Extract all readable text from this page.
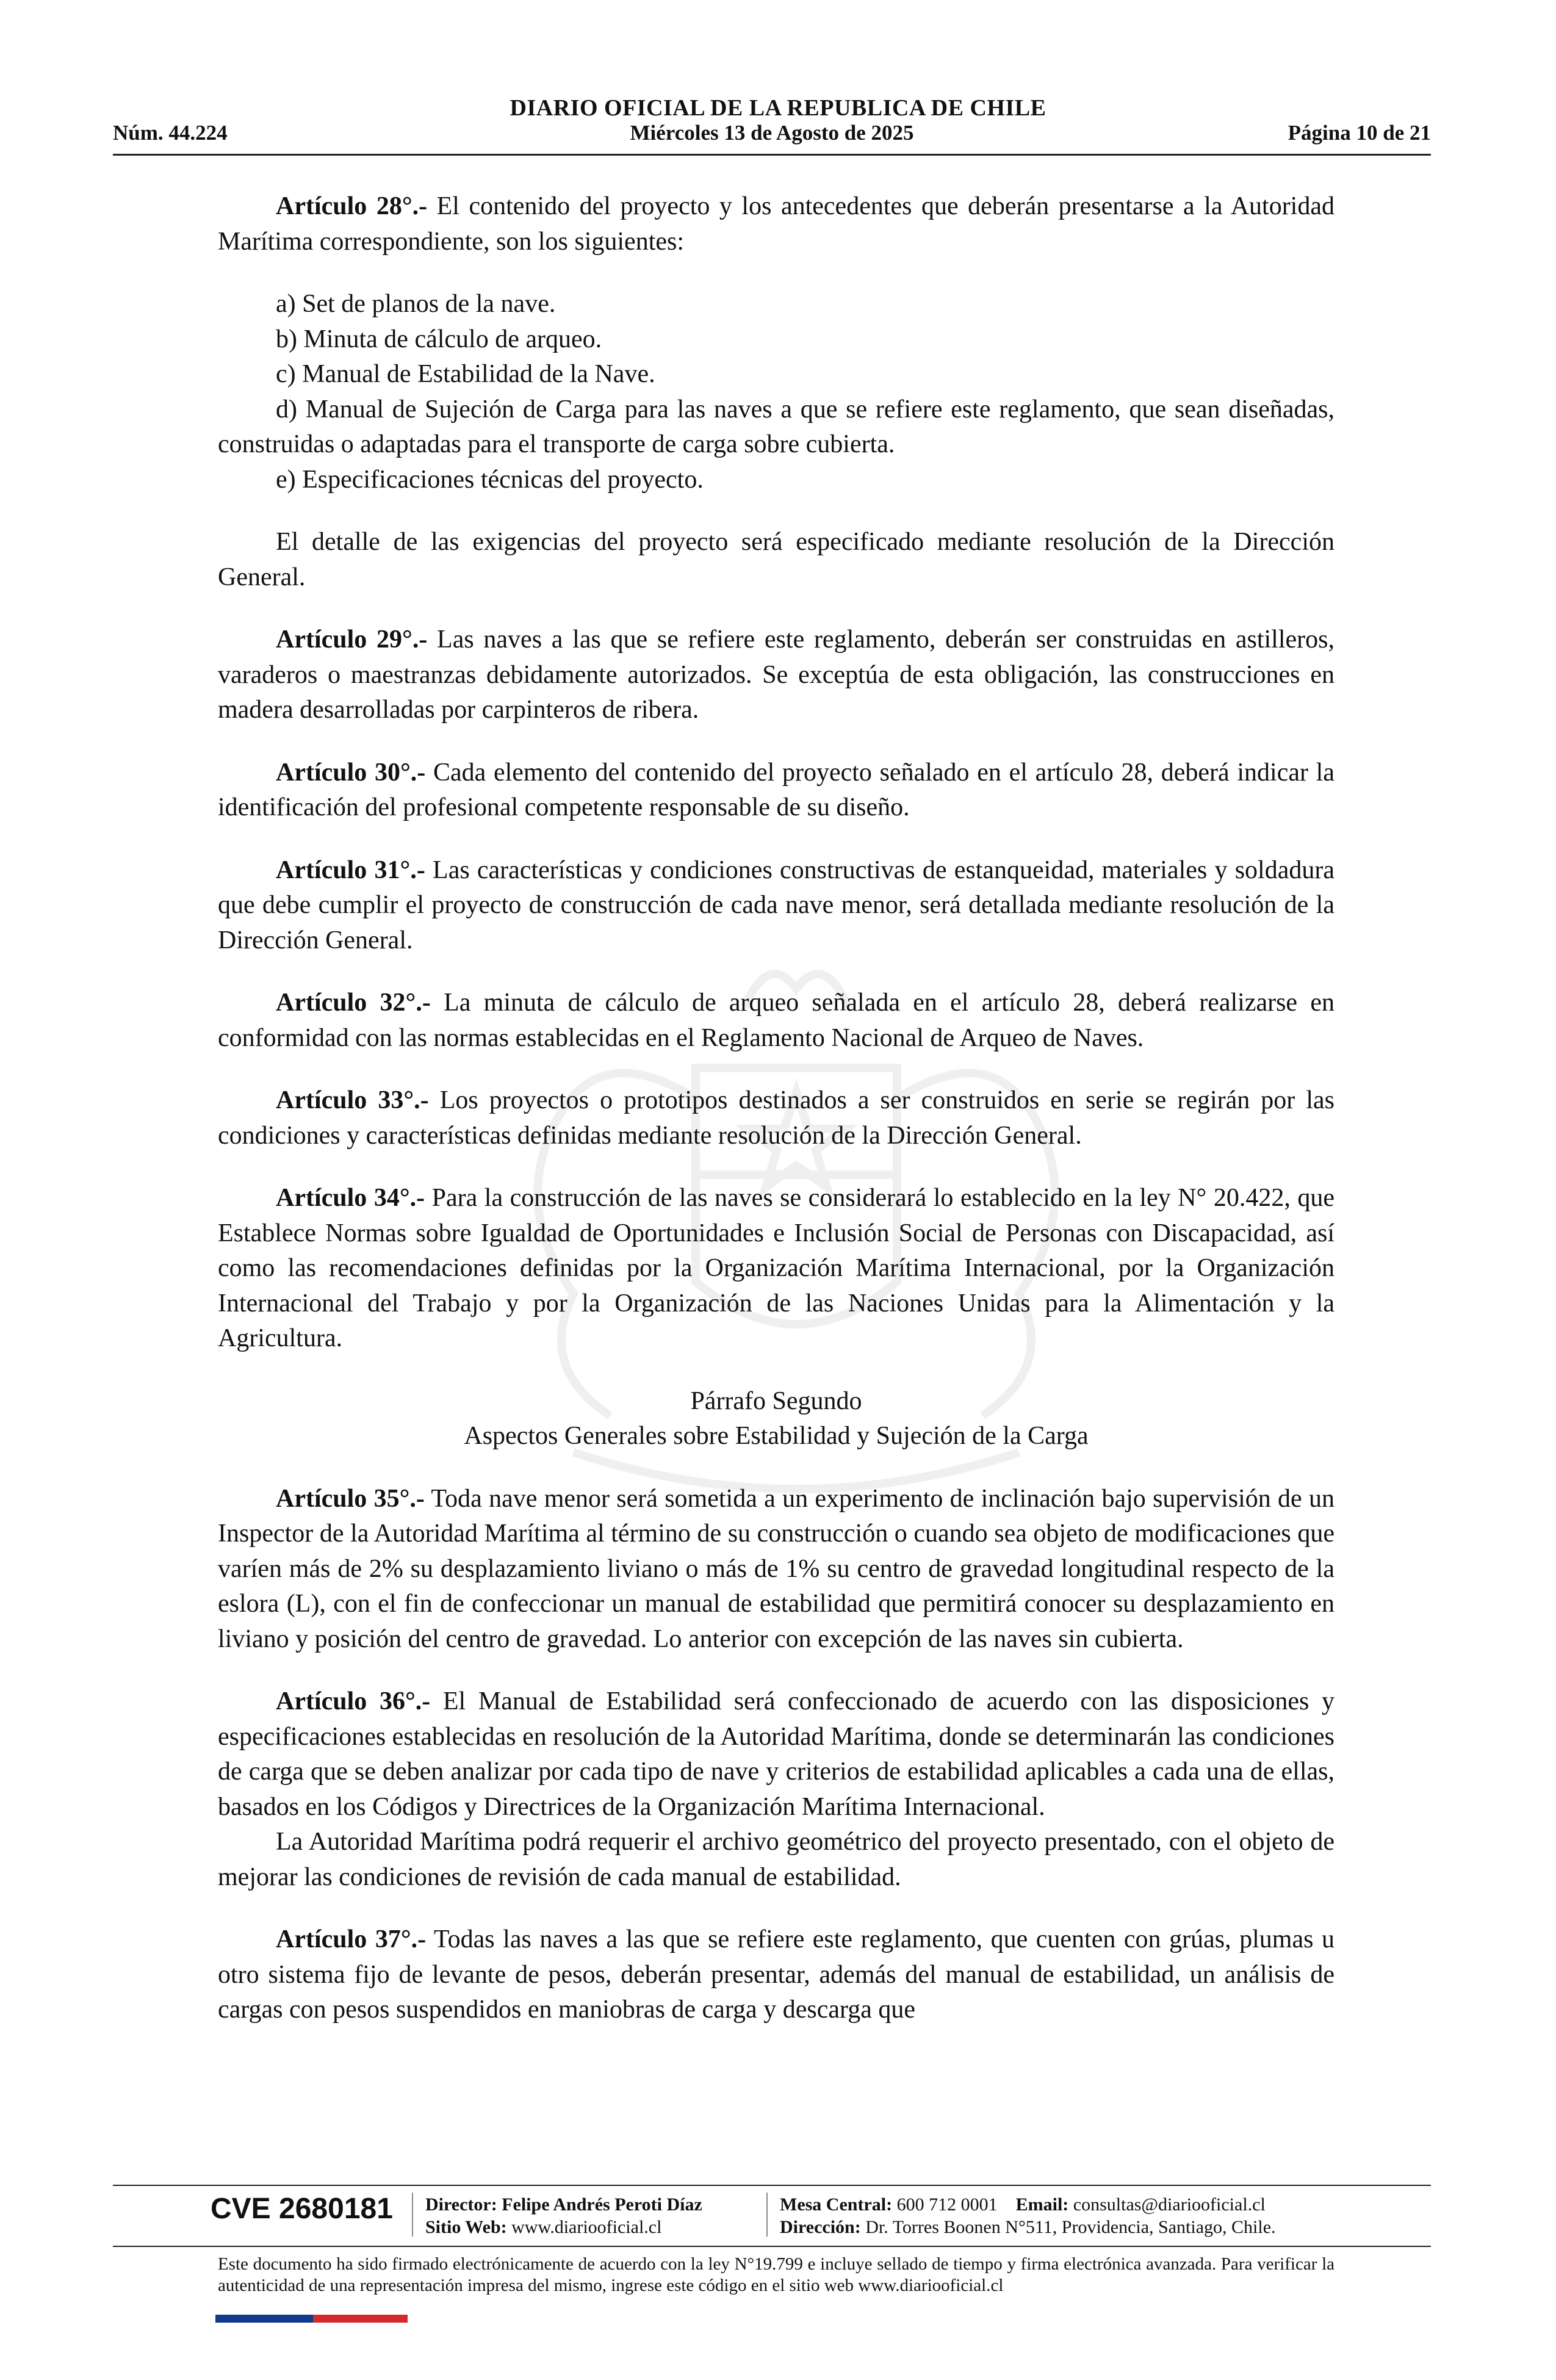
DIARIO OFICIAL DE LA REPUBLICA DE CHILE
Núm. 44.224	Miércoles 13 de Agosto de 2025	Página 10 de 21

Artículo 28°.- El contenido del proyecto y los antecedentes que deberán presentarse a la Autoridad Marítima correspondiente, son los siguientes:

a) Set de planos de la nave.

b) Minuta de cálculo de arqueo.

c) Manual de Estabilidad de la Nave.

d) Manual de Sujeción de Carga para las naves a que se refiere este reglamento, que sean diseñadas, construidas o adaptadas para el transporte de carga sobre cubierta.

e) Especificaciones técnicas del proyecto.

El detalle de las exigencias del proyecto será especificado mediante resolución de la Dirección General.

Artículo 29°.- Las naves a las que se refiere este reglamento, deberán ser construidas en astilleros, varaderos o maestranzas debidamente autorizados. Se exceptúa de esta obligación, las construcciones en madera desarrolladas por carpinteros de ribera.

Artículo 30°.- Cada elemento del contenido del proyecto señalado en el artículo 28, deberá indicar la identificación del profesional competente responsable de su diseño.

Artículo 31°.- Las características y condiciones constructivas de estanqueidad, materiales y soldadura que debe cumplir el proyecto de construcción de cada nave menor, será detallada mediante resolución de la Dirección General.

Artículo 32°.- La minuta de cálculo de arqueo señalada en el artículo 28, deberá realizarse en conformidad con las normas establecidas en el Reglamento Nacional de Arqueo de Naves.

Artículo 33°.- Los proyectos o prototipos destinados a ser construidos en serie se regirán por las condiciones y características definidas mediante resolución de la Dirección General.

Artículo 34°.- Para la construcción de las naves se considerará lo establecido en la ley N° 20.422, que Establece Normas sobre Igualdad de Oportunidades e Inclusión Social de Personas con Discapacidad, así como las recomendaciones definidas por la Organización Marítima Internacional, por la Organización Internacional del Trabajo y por la Organización de las Naciones Unidas para la Alimentación y la Agricultura.

Párrafo Segundo

Aspectos Generales sobre Estabilidad y Sujeción de la Carga

Artículo 35°.- Toda nave menor será sometida a un experimento de inclinación bajo supervisión de un Inspector de la Autoridad Marítima al término de su construcción o cuando sea objeto de modificaciones que varíen más de 2% su desplazamiento liviano o más de 1% su centro de gravedad longitudinal respecto de la eslora (L), con el fin de confeccionar un manual de estabilidad que permitirá conocer su desplazamiento en liviano y posición del centro de gravedad. Lo anterior con excepción de las naves sin cubierta.

Artículo 36°.- El Manual de Estabilidad será confeccionado de acuerdo con las disposiciones y especificaciones establecidas en resolución de la Autoridad Marítima, donde se determinarán las condiciones de carga que se deben analizar por cada tipo de nave y criterios de estabilidad aplicables a cada una de ellas, basados en los Códigos y Directrices de la Organización Marítima Internacional.

La Autoridad Marítima podrá requerir el archivo geométrico del proyecto presentado, con el objeto de mejorar las condiciones de revisión de cada manual de estabilidad.

Artículo 37°.- Todas las naves a las que se refiere este reglamento, que cuenten con grúas, plumas u otro sistema fijo de levante de pesos, deberán presentar, además del manual de estabilidad, un análisis de cargas con pesos suspendidos en maniobras de carga y descarga que

CVE 2680181 Director: Felipe Andrés Peroti Díaz
Sitio Web: www.diariooficial.cl
Mesa Central: 600 712 0001 Email: consultas@diariooficial.cl
Dirección: Dr. Torres Boonen N°511, Providencia, Santiago, Chile.
Este documento ha sido firmado electrónicamente de acuerdo con la ley N°19.799 e incluye sellado de tiempo y firma electrónica avanzada. Para verificar la autenticidad de una representación impresa del mismo, ingrese este código en el sitio web www.diariooficial.cl
